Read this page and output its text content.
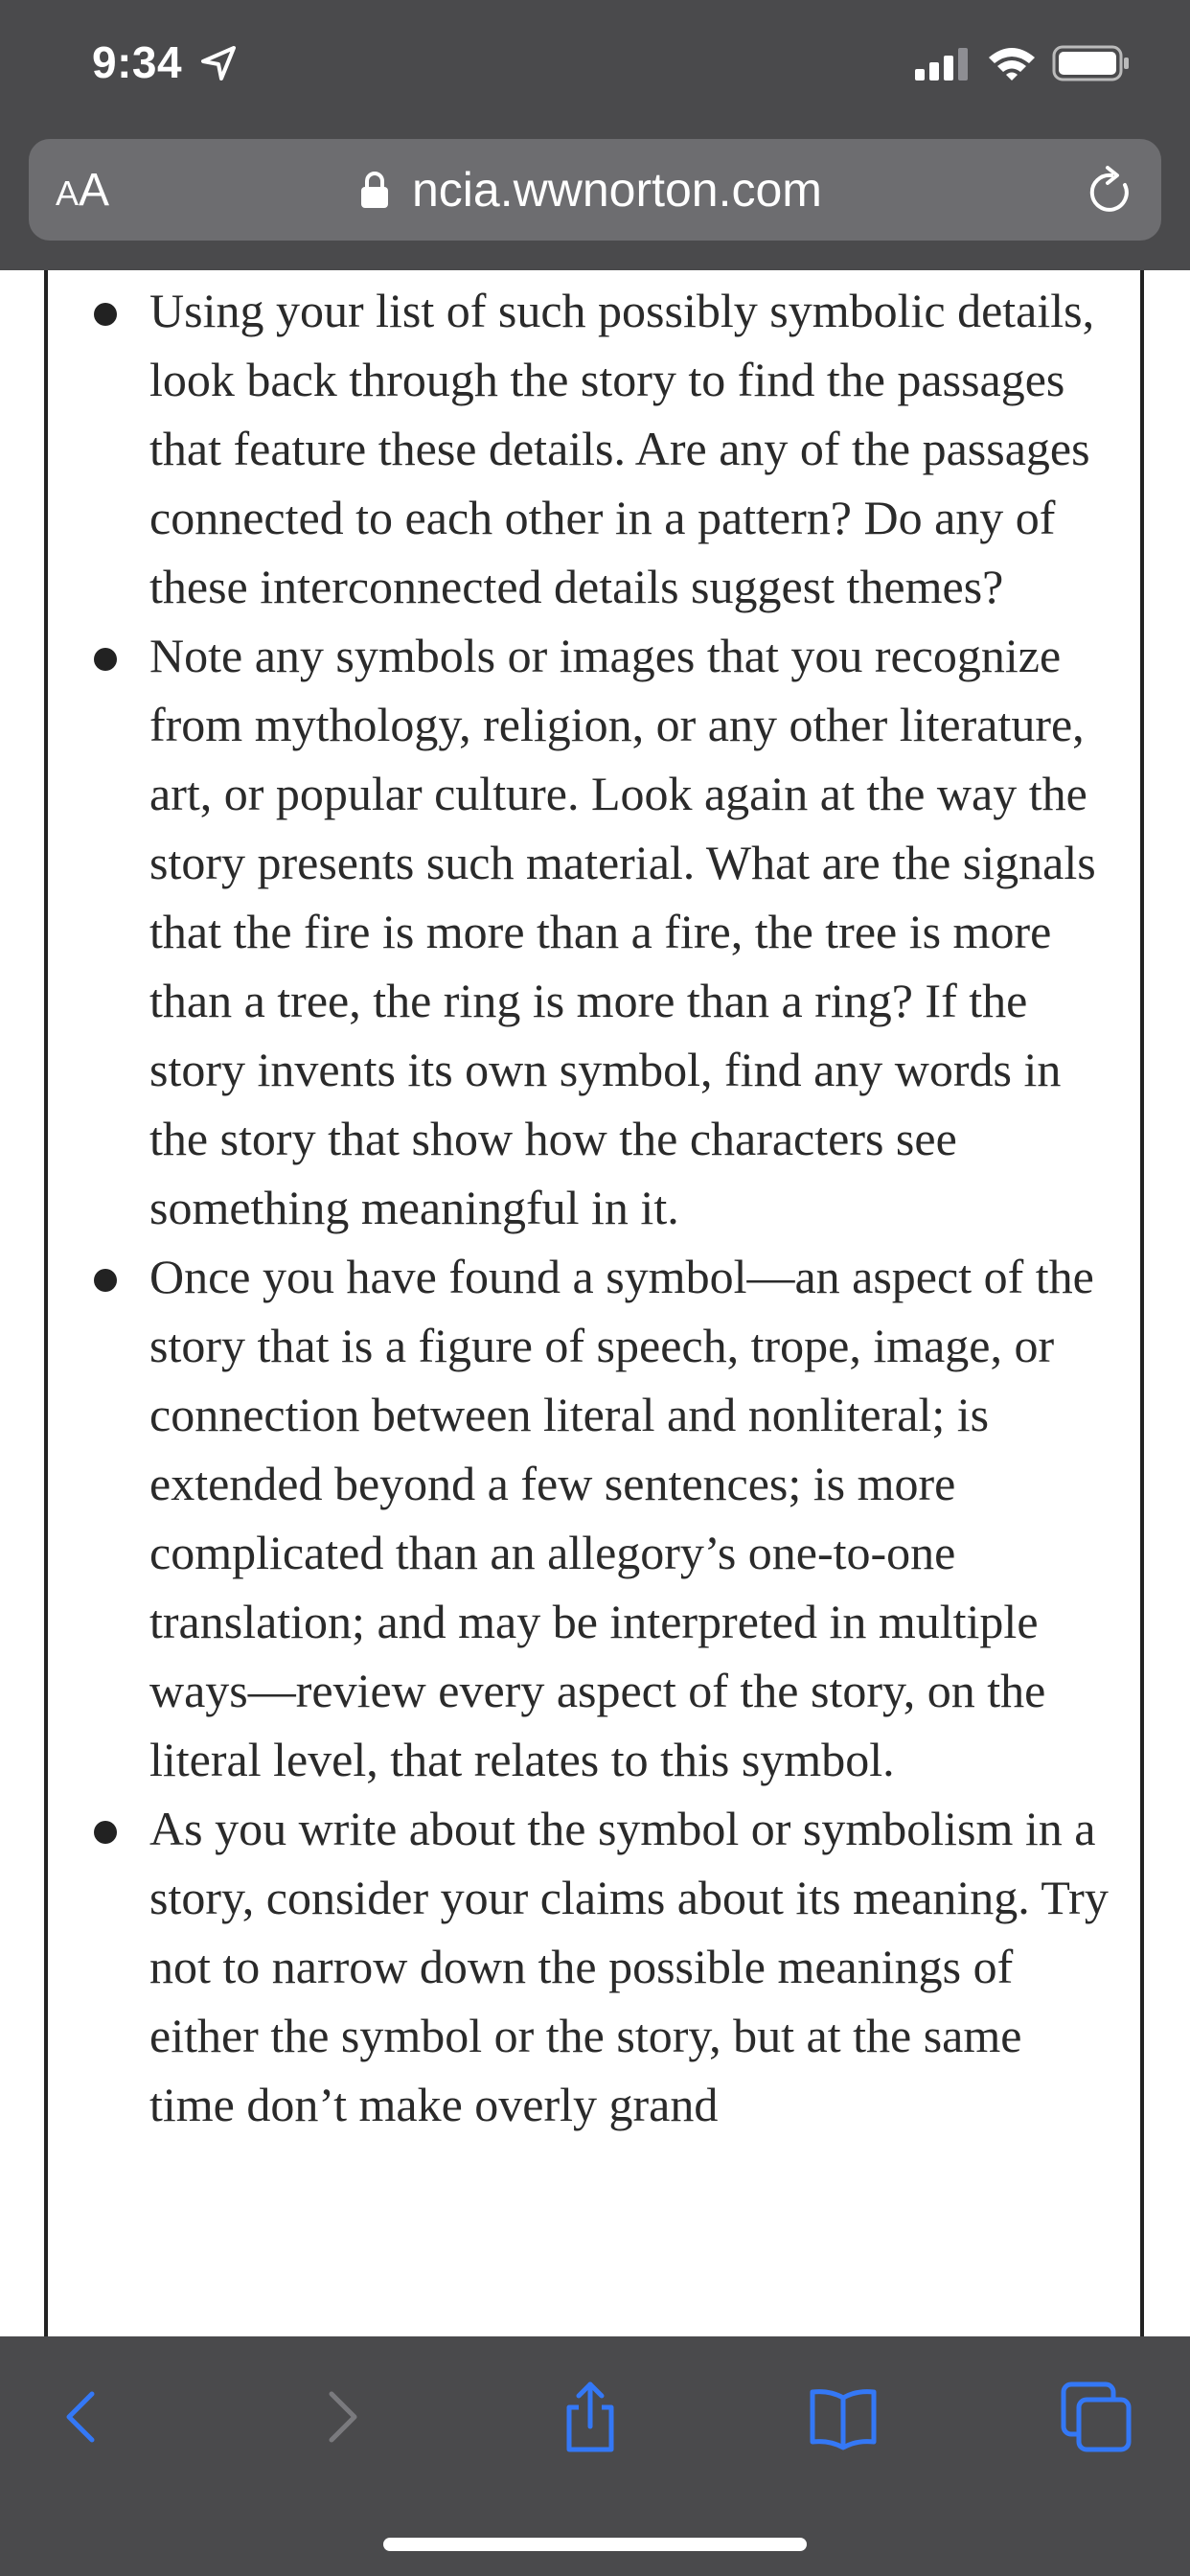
9:34
AA	ncia.wwnorton.com

Using your list of such possibly symbolic details, look back through the story to find the passages that feature these details. Are any of the passages connected to each other in a pattern? Do any of these interconnected details suggest themes?

Note any symbols or images that you recognize from mythology, religion, or any other literature, art, or popular culture. Look again at the way the story presents such material. What are the signals that the fire is more than a fire, the tree is more than a tree, the ring is more than a ring? If the story invents its own symbol, find any words in the story that show how the characters see something meaningful in it.

Once you have found a symbol—an aspect of the story that is a figure of speech, trope, image, or connection between literal and nonliteral; is extended beyond a few sentences; is more complicated than an allegory’s one-to-one translation; and may be interpreted in multiple ways—review every aspect of the story, on the literal level, that relates to this symbol.

As you write about the symbol or symbolism in a story, consider your claims about its meaning. Try not to narrow down the possible meanings of either the symbol or the story, but at the same time don’t make overly grand
